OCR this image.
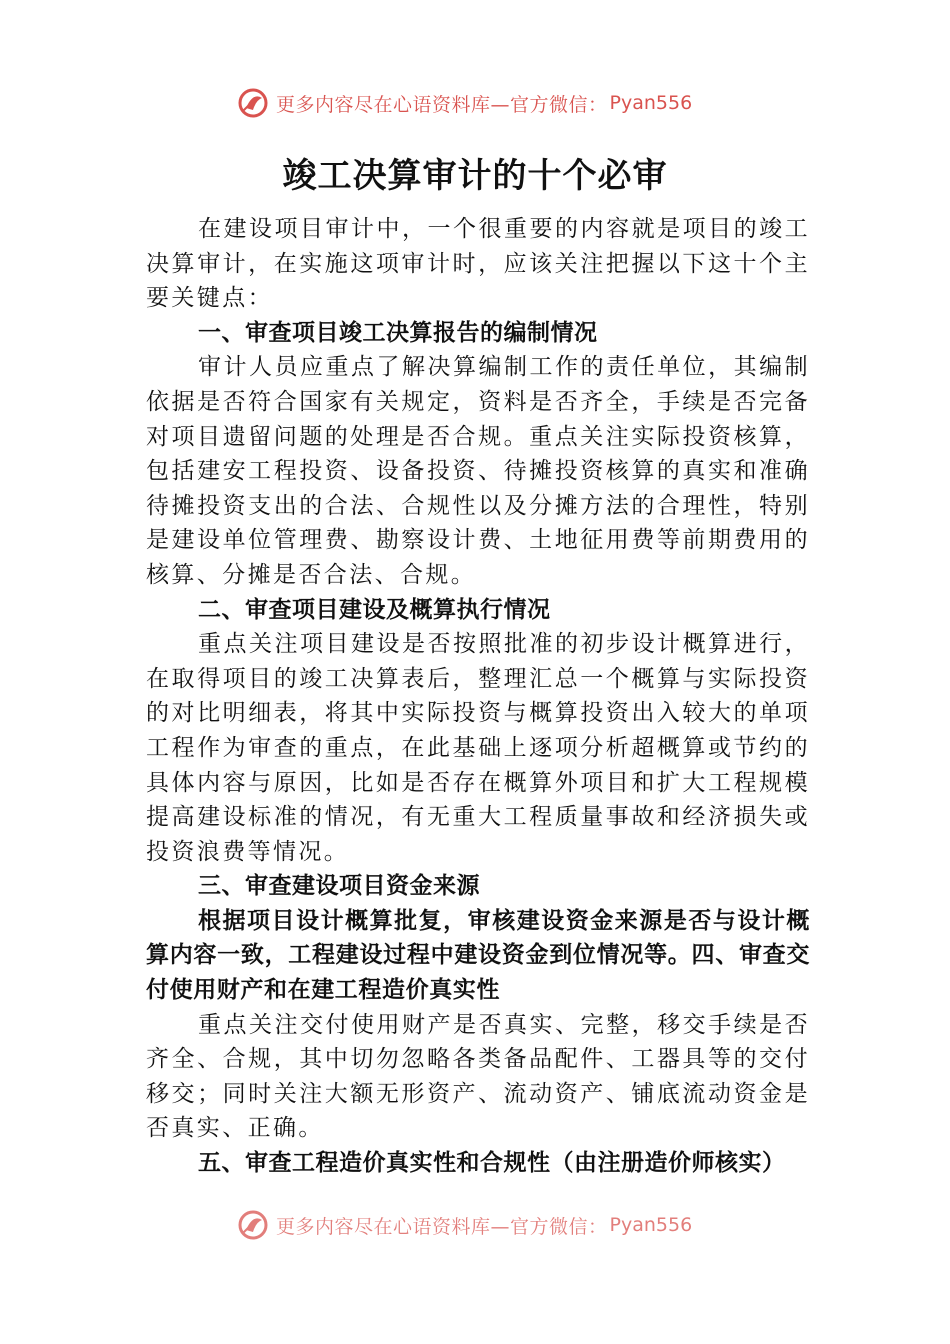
更多内容尽在心语资料库—官方微信： Pyan556
竣工决算审计的十个必审

在建设项目审计中，一个很重要的内容就是项目的竣工决算审计，在实施这项审计时，应该关注把握以下这十个主要关键点：

一、审查项目竣工决算报告的编制情况

审计人员应重点了解决算编制工作的责任单位，其编制依据是否符合国家有关规定，资料是否齐全，手续是否完备对项目遗留问题的处理是否合规。重点关注实际投资核算，包括建安工程投资、设备投资、待摊投资核算的真实和准确待摊投资支出的合法、合规性以及分摊方法的合理性，特别是建设单位管理费、勘察设计费、土地征用费等前期费用的核算、分摊是否合法、合规。

二、审查项目建设及概算执行情况

重点关注项目建设是否按照批准的初步设计概算进行，在取得项目的竣工决算表后，整理汇总一个概算与实际投资的对比明细表，将其中实际投资与概算投资出入较大的单项工程作为审查的重点，在此基础上逐项分析超概算或节约的具体内容与原因，比如是否存在概算外项目和扩大工程规模提高建设标准的情况，有无重大工程质量事故和经济损失或投资浪费等情况。

三、审查建设项目资金来源

根据项目设计概算批复，审核建设资金来源是否与设计概算内容一致，工程建设过程中建设资金到位情况等。四、审查交付使用财产和在建工程造价真实性

重点关注交付使用财产是否真实、完整，移交手续是否齐全、合规，其中切勿忽略各类备品配件、工器具等的交付移交；同时关注大额无形资产、流动资产、铺底流动资金是否真实、正确。

五、审查工程造价真实性和合规性（由注册造价师核实）

更多内容尽在心语资料库—官方微信： Pyan556
